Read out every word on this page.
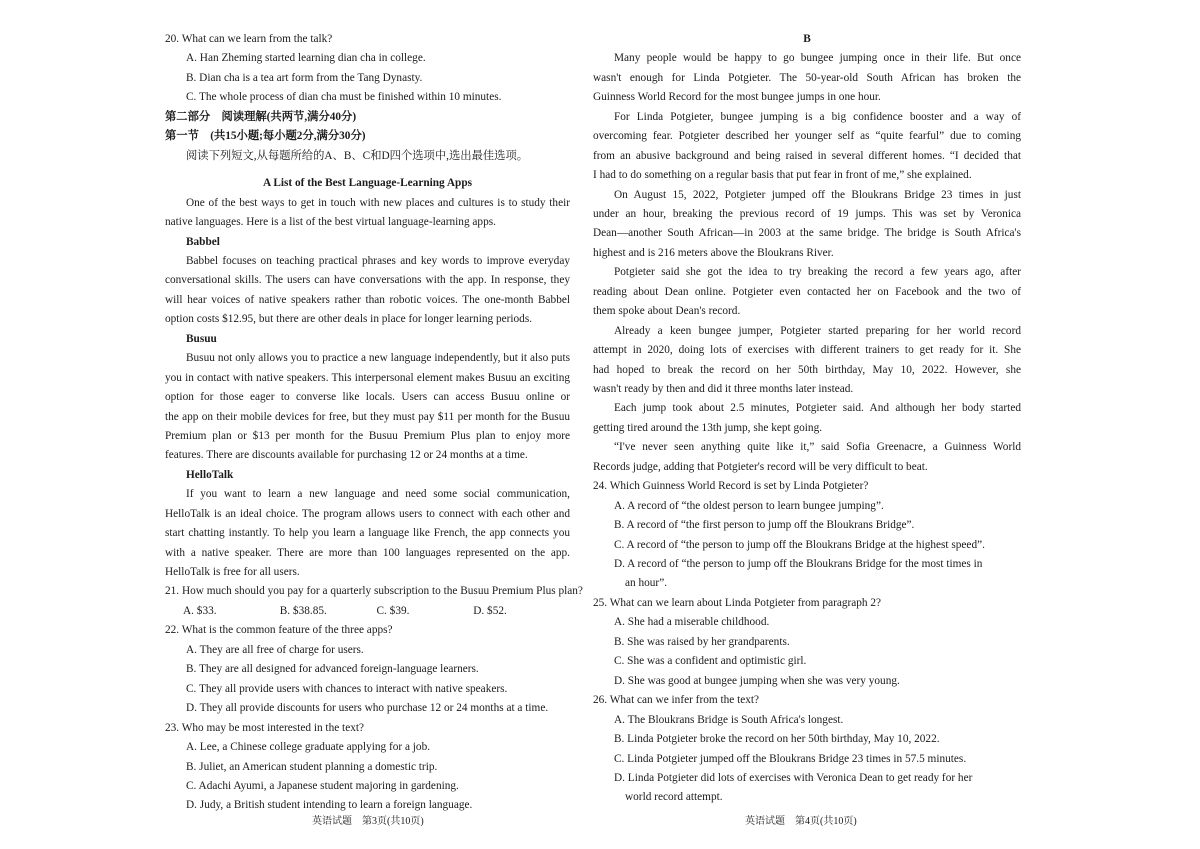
20. What can we learn from the talk?
A. Han Zheming started learning dian cha in college.
B. Dian cha is a tea art form from the Tang Dynasty.
C. The whole process of dian cha must be finished within 10 minutes.
第二部分　阅读理解(共两节,满分40分)
第一节　(共15小题;每小题2分,满分30分)
阅读下列短文,从每题所给的A、B、C和D四个选项中,选出最佳选项。
A List of the Best Language-Learning Apps
One of the best ways to get in touch with new places and cultures is to study their
native languages. Here is a list of the best virtual language-learning apps.
Babbel
Babbel focuses on teaching practical phrases and key words to improve everyday
conversational skills. The users can have conversations with the app. In response, they
will hear voices of native speakers rather than robotic voices. The one-month Babbel
option costs $12.95, but there are other deals in place for longer learning periods.
Busuu
Busuu not only allows you to practice a new language independently, but it also puts
you in contact with native speakers. This interpersonal element makes Busuu an exciting
option for those eager to converse like locals. Users can access Busuu online or
the app on their mobile devices for free, but they must pay $11 per month for the Busuu
Premium plan or $13 per month for the Busuu Premium Plus plan to enjoy more
features. There are discounts available for purchasing 12 or 24 months at a time.
HelloTalk
If you want to learn a new language and need some social communication,
HelloTalk is an ideal choice. The program allows users to connect with each other and
start chatting instantly. To help you learn a language like French, the app connects you
with a native speaker. There are more than 100 languages represented on the app.
HelloTalk is free for all users.
21. How much should you pay for a quarterly subscription to the Busuu Premium Plus plan?
A. $33.	B. $38.85.	C. $39.	D. $52.
22. What is the common feature of the three apps?
A. They are all free of charge for users.
B. They are all designed for advanced foreign-language learners.
C. They all provide users with chances to interact with native speakers.
D. They all provide discounts for users who purchase 12 or 24 months at a time.
23. Who may be most interested in the text?
A. Lee, a Chinese college graduate applying for a job.
B. Juliet, an American student planning a domestic trip.
C. Adachi Ayumi, a Japanese student majoring in gardening.
D. Judy, a British student intending to learn a foreign language.
英语试题　第3页(共10页)
B
Many people would be happy to go bungee jumping once in their life. But once
wasn't enough for Linda Potgieter. The 50-year-old South African has broken the
Guinness World Record for the most bungee jumps in one hour.
For Linda Potgieter, bungee jumping is a big confidence booster and a way of
overcoming fear. Potgieter described her younger self as “quite fearful” due to coming
from an abusive background and being raised in several different homes. “I decided that
I had to do something on a regular basis that put fear in front of me,” she explained.
On August 15, 2022, Potgieter jumped off the Bloukrans Bridge 23 times in just
under an hour, breaking the previous record of 19 jumps. This was set by Veronica
Dean—another South African—in 2003 at the same bridge. The bridge is South Africa's
highest and is 216 meters above the Bloukrans River.
Potgieter said she got the idea to try breaking the record a few years ago, after
reading about Dean online. Potgieter even contacted her on Facebook and the two of
them spoke about Dean's record.
Already a keen bungee jumper, Potgieter started preparing for her world record
attempt in 2020, doing lots of exercises with different trainers to get ready for it. She
had hoped to break the record on her 50th birthday, May 10, 2022. However, she
wasn't ready by then and did it three months later instead.
Each jump took about 2.5 minutes, Potgieter said. And although her body started
getting tired around the 13th jump, she kept going.
“I've never seen anything quite like it,” said Sofia Greenacre, a Guinness World
Records judge, adding that Potgieter's record will be very difficult to beat.
24. Which Guinness World Record is set by Linda Potgieter?
A. A record of “the oldest person to learn bungee jumping”.
B. A record of “the first person to jump off the Bloukrans Bridge”.
C. A record of “the person to jump off the Bloukrans Bridge at the highest speed”.
D. A record of “the person to jump off the Bloukrans Bridge for the most times in
an hour”.
25. What can we learn about Linda Potgieter from paragraph 2?
A. She had a miserable childhood.
B. She was raised by her grandparents.
C. She was a confident and optimistic girl.
D. She was good at bungee jumping when she was very young.
26. What can we infer from the text?
A. The Bloukrans Bridge is South Africa's longest.
B. Linda Potgieter broke the record on her 50th birthday, May 10, 2022.
C. Linda Potgieter jumped off the Bloukrans Bridge 23 times in 57.5 minutes.
D. Linda Potgieter did lots of exercises with Veronica Dean to get ready for her
world record attempt.
英语试题　第4页(共10页)
